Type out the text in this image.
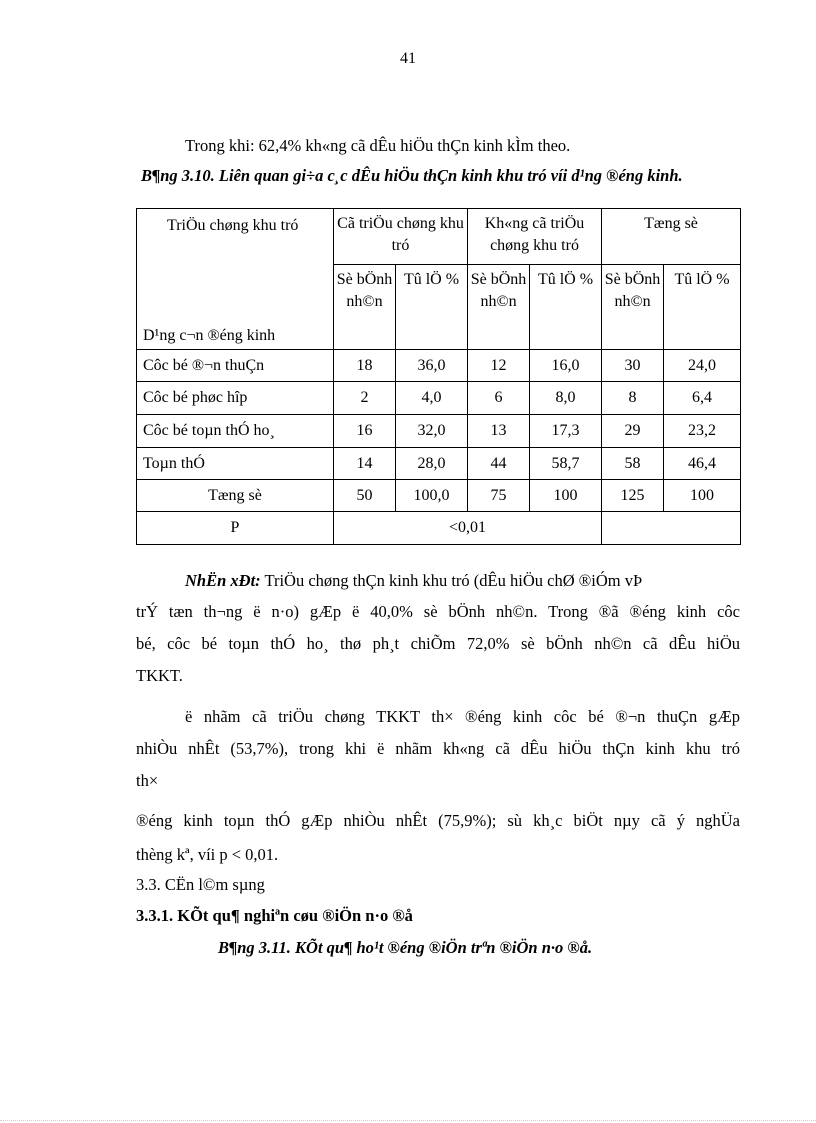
41
Trong khi: 62,4% kh«ng cã dÊu hiÖu thÇn kinh kÌm theo.
B¶ng 3.10. Liên quan gi÷a c¸c dÊu hiÖu thÇn kinh khu tró víi d¹ng ®éng kinh.
TriÖu chøng khu tró
D¹ng c¬n ®éng kinh	Cã triÖu chøng khu tró		Kh«ng cã triÖu chøng khu tró		Tæng sè	
	Sè bÖnh nh©n	Tû lÖ %	Sè bÖnh nh©n	Tû lÖ %	Sè bÖnh nh©n	Tû lÖ %
Côc bé ®¬n thuÇn	18	36,0	12	16,0	30	24,0
Côc bé phøc hîp	2	4,0	6	8,0	8	6,4
Côc bé toµn thÓ ho¸	16	32,0	13	17,3	29	23,2
Toµn thÓ	14	28,0	44	58,7	58	46,4
Tæng sè	50	100,0	75	100	125	100
P	<0,01					
NhËn xÐt: TriÖu chøng thÇn kinh khu tró (dÊu hiÖu chØ ®iÓm vÞ
trÝ tæn th¬ng ë n·o) gÆp ë 40,0% sè bÖnh nh©n. Trong ®ã ®éng kinh côc
bé, côc bé toµn thÓ ho¸ thø ph¸t chiÕm 72,0% sè bÖnh nh©n cã dÊu hiÖu
TKKT.
ë nhãm cã triÖu chøng TKKT th× ®éng kinh côc bé ®¬n thuÇn gÆp
nhiÒu nhÊt (53,7%), trong khi ë nhãm kh«ng cã dÊu hiÖu thÇn kinh khu tró
th×
®éng kinh toµn thÓ gÆp nhiÒu nhÊt (75,9%); sù kh¸c biÖt nµy cã ý nghÜa
thèng kª, víi p < 0,01.
3.3. CËn l©m sµng
3.3.1. KÕt qu¶ nghiªn cøu ®iÖn n·o ®å
B¶ng 3.11. KÕt qu¶ ho¹t ®éng ®iÖn trªn ®iÖn n·o ®å.
